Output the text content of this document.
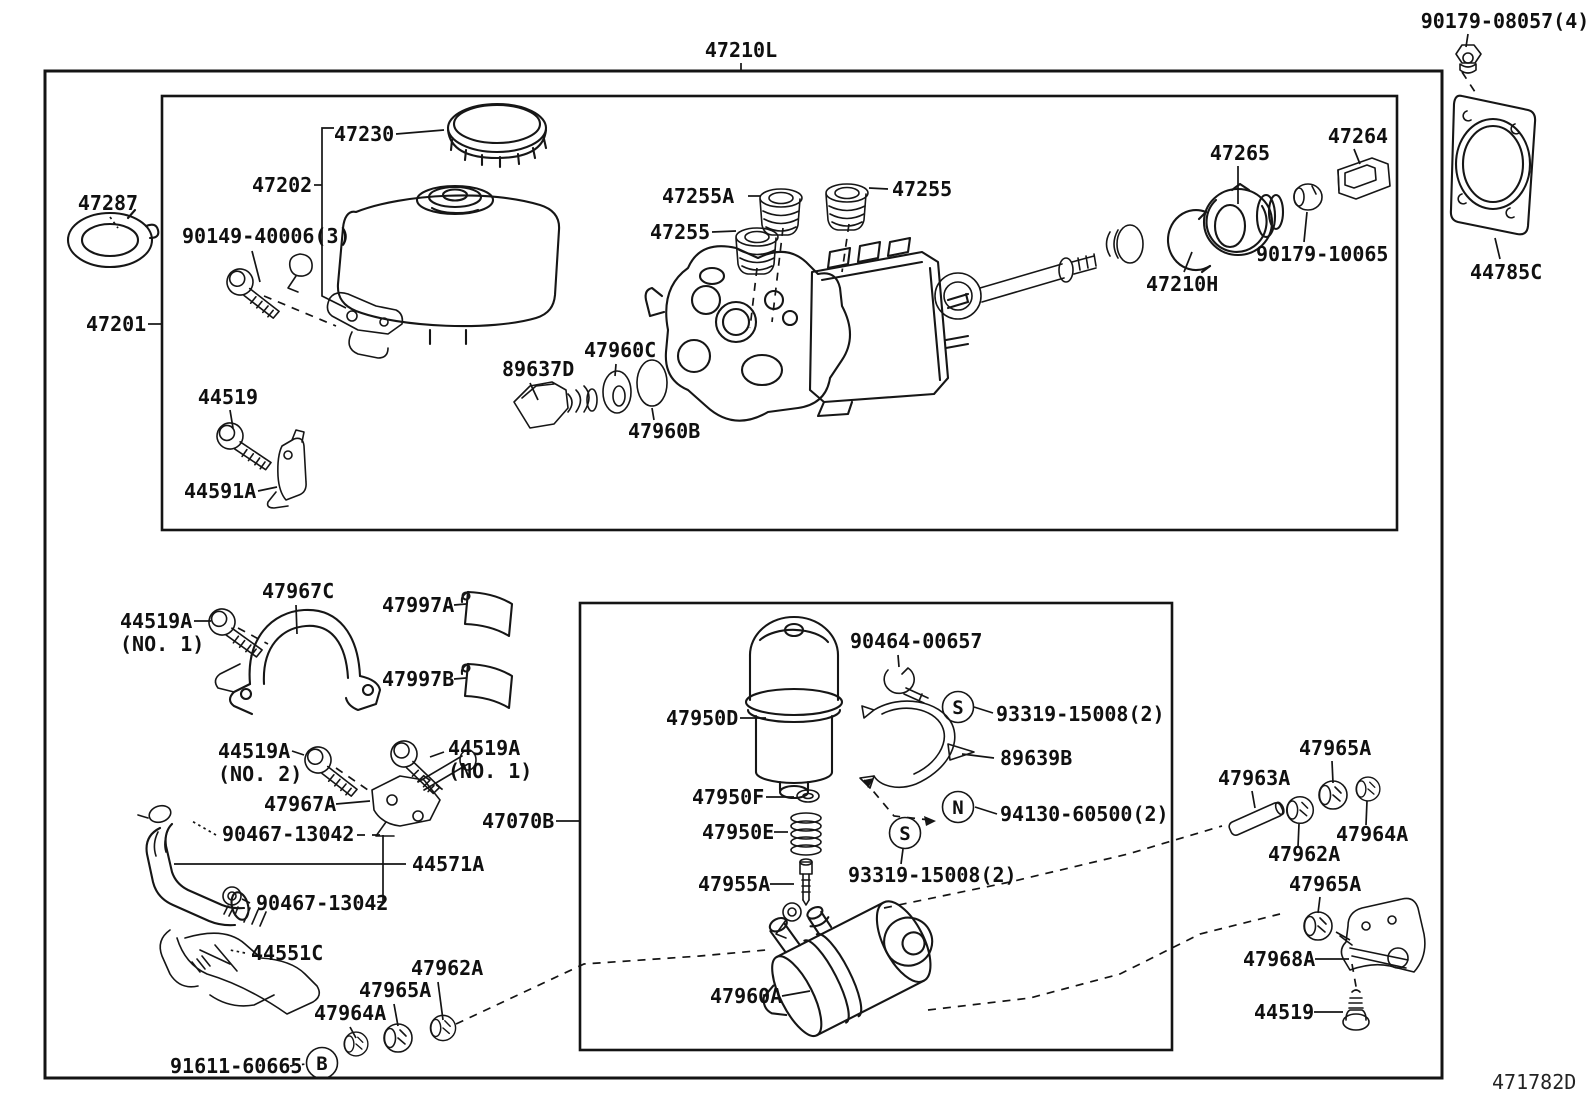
S
N
S
B
47210L
90179-08057(4)
47230
47202
47287
90149-40006(3)
47201
44519
44591A
89637D
47960C
47960B
47255A
47255
47255
47265
47264
90179-10065
47210H	44785C
47967C
44519A
(NO. 1)
47997A
47997B
44519A
(NO. 2)
44519A
(NO. 1)
47967A
90467-13042
44571A
90467-13042
44551C
47964A
47965A
47962A
91611-60665
47070B
47950D
90464-00657
93319-15008(2)
89639B
47950F
94130-60500(2)
47950E
93319-15008(2)
47955A
47960A
47963A
47965A
47962A
47964A
47965A
47968A
44519
471782D
